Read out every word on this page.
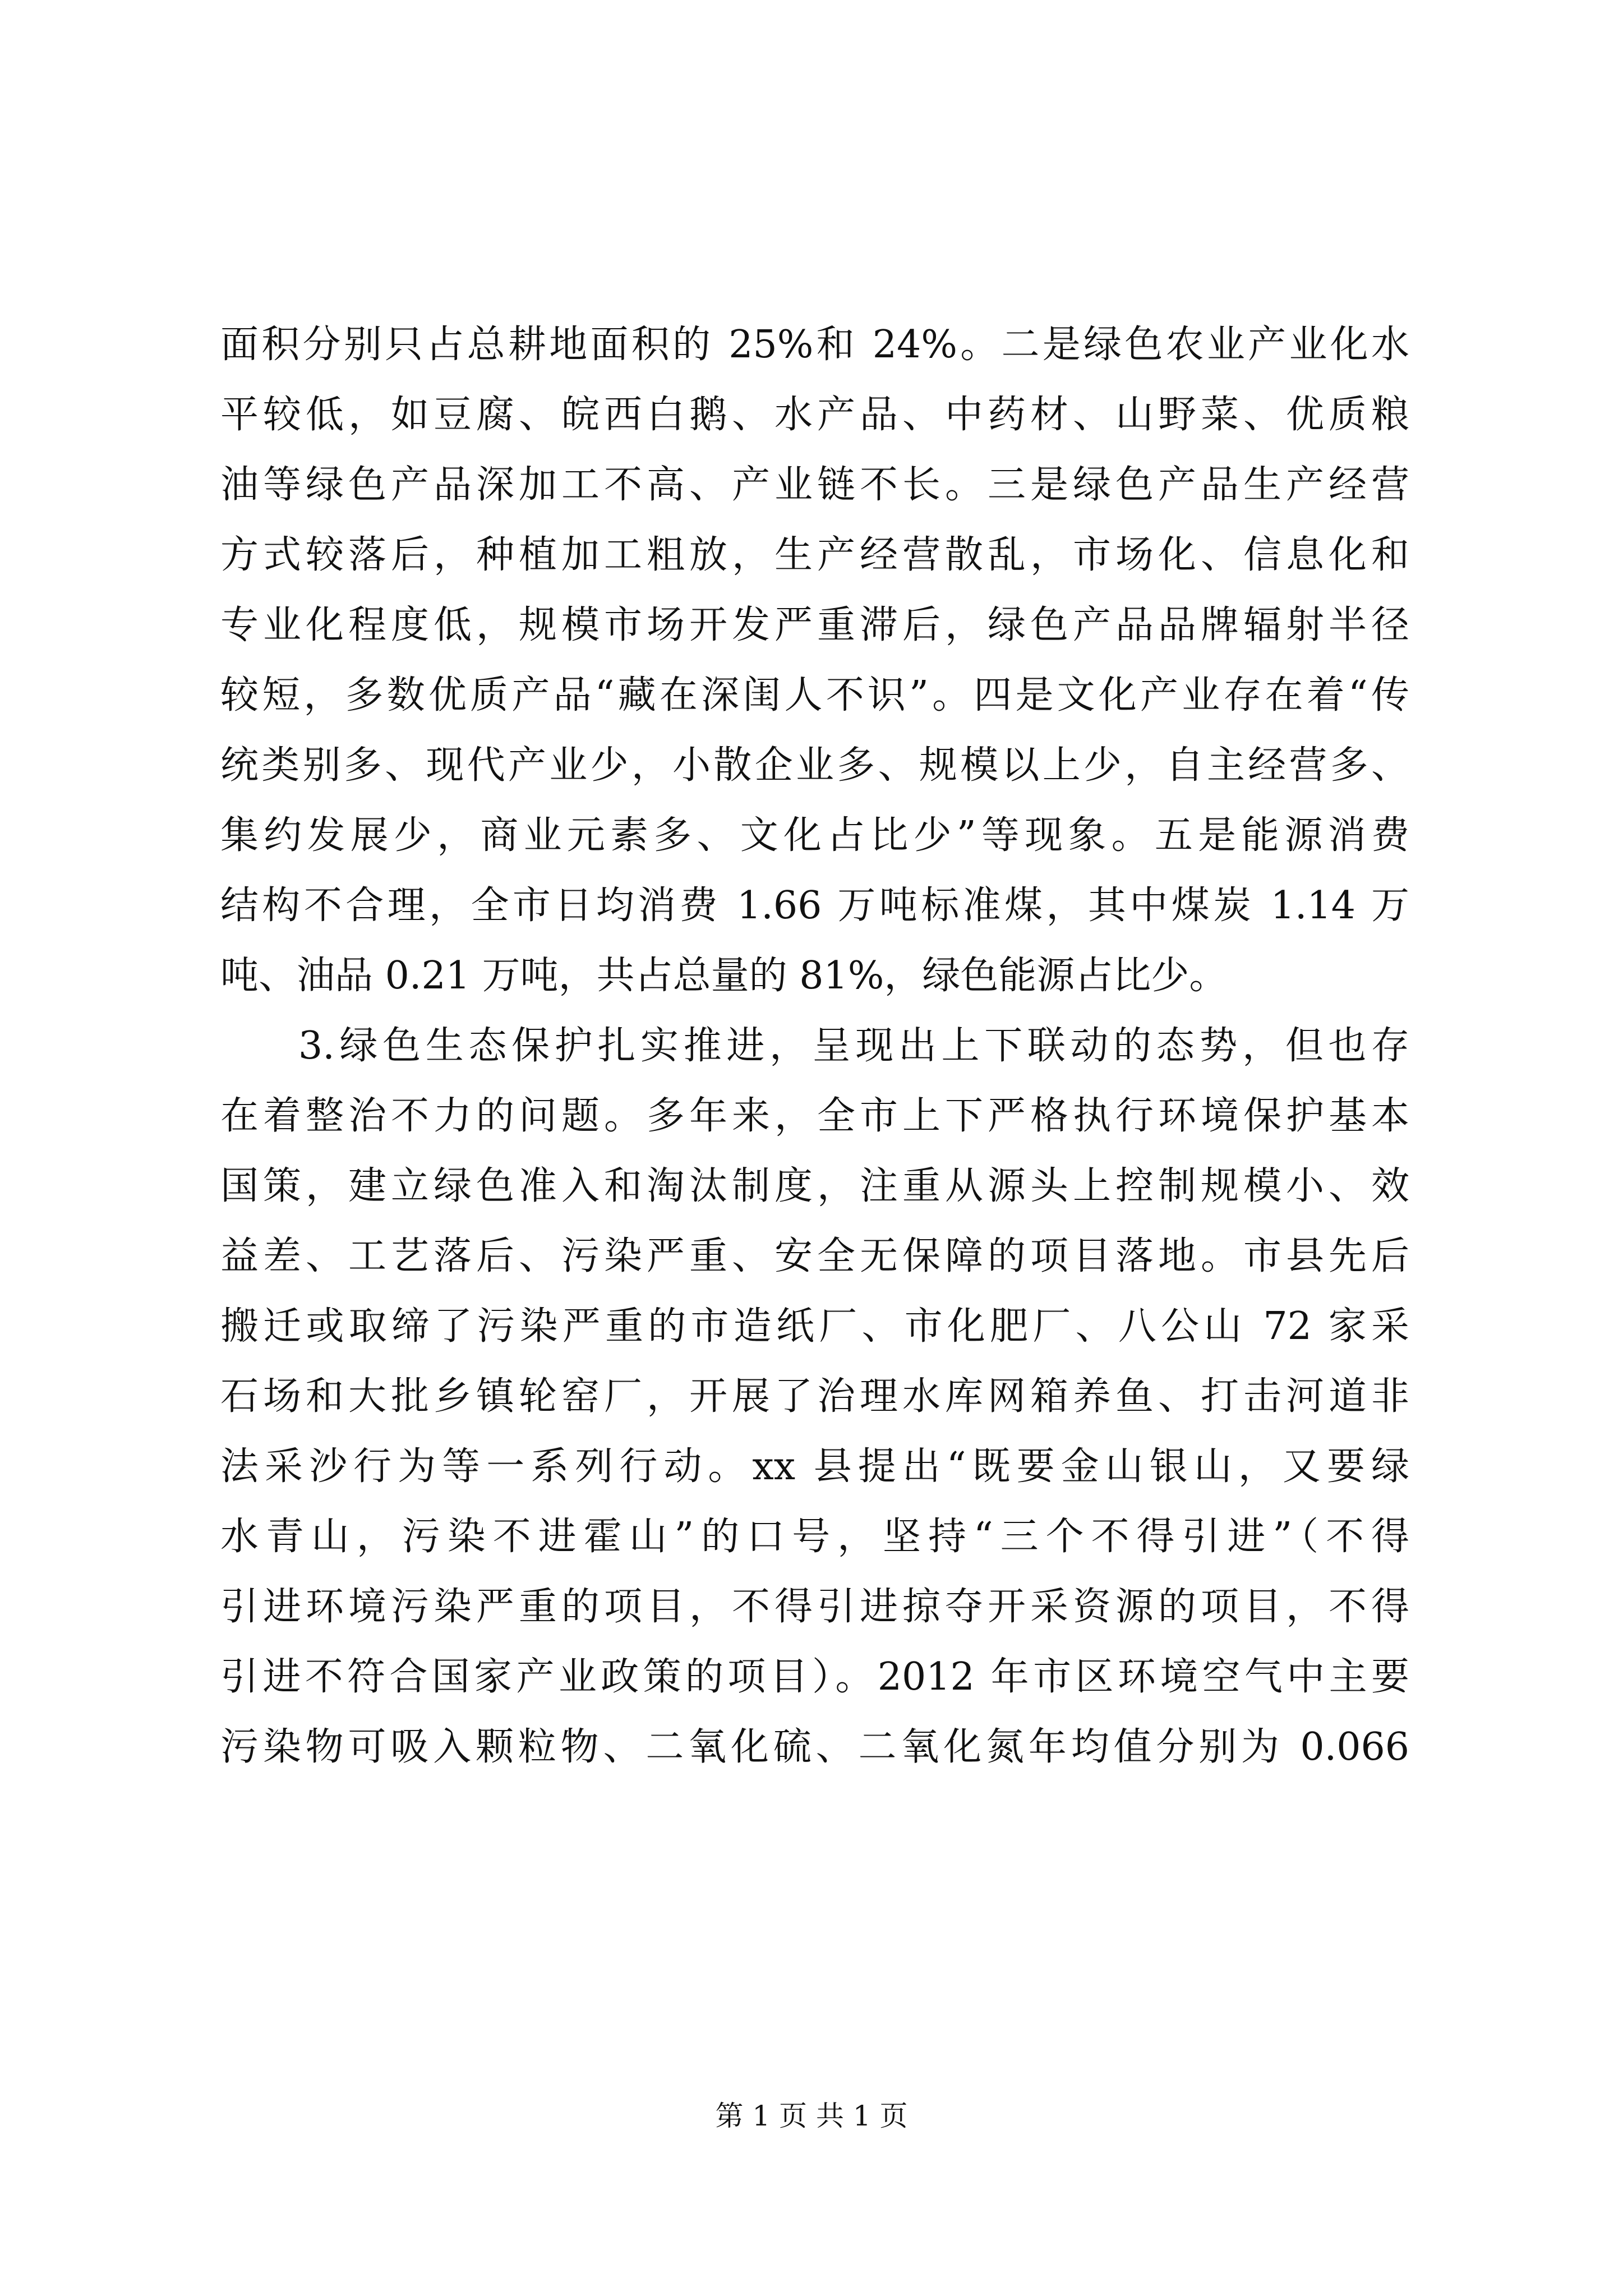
面积分别只占总耕地面积的 25%和 24%。二是绿色农业产业化水
平较低，如豆腐、皖西白鹅、水产品、中药材、山野菜、优质粮
油等绿色产品深加工不高、产业链不长。三是绿色产品生产经营
方式较落后，种植加工粗放，生产经营散乱，市场化、信息化和
专业化程度低，规模市场开发严重滞后，绿色产品品牌辐射半径
较短，多数优质产品“藏在深闺人不识”。四是文化产业存在着“传
统类别多、现代产业少，小散企业多、规模以上少，自主经营多、
集约发展少，商业元素多、文化占比少”等现象。五是能源消费
结构不合理，全市日均消费 1.66 万吨标准煤，其中煤炭 1.14 万
吨、油品 0.21 万吨，共占总量的 81%，绿色能源占比少。
3.绿色生态保护扎实推进，呈现出上下联动的态势，但也存
在着整治不力的问题。多年来，全市上下严格执行环境保护基本
国策，建立绿色准入和淘汰制度，注重从源头上控制规模小、效
益差、工艺落后、污染严重、安全无保障的项目落地。市县先后
搬迁或取缔了污染严重的市造纸厂、市化肥厂、八公山 72 家采
石场和大批乡镇轮窑厂，开展了治理水库网箱养鱼、打击河道非
法采沙行为等一系列行动。xx 县提出“既要金山银山，又要绿
水青山，污染不进霍山”的口号，坚持“三个不得引进”（不得
引进环境污染严重的项目，不得引进掠夺开采资源的项目，不得
引进不符合国家产业政策的项目）。2012 年市区环境空气中主要
污染物可吸入颗粒物、二氧化硫、二氧化氮年均值分别为 0.066
第 1 页 共 1 页
